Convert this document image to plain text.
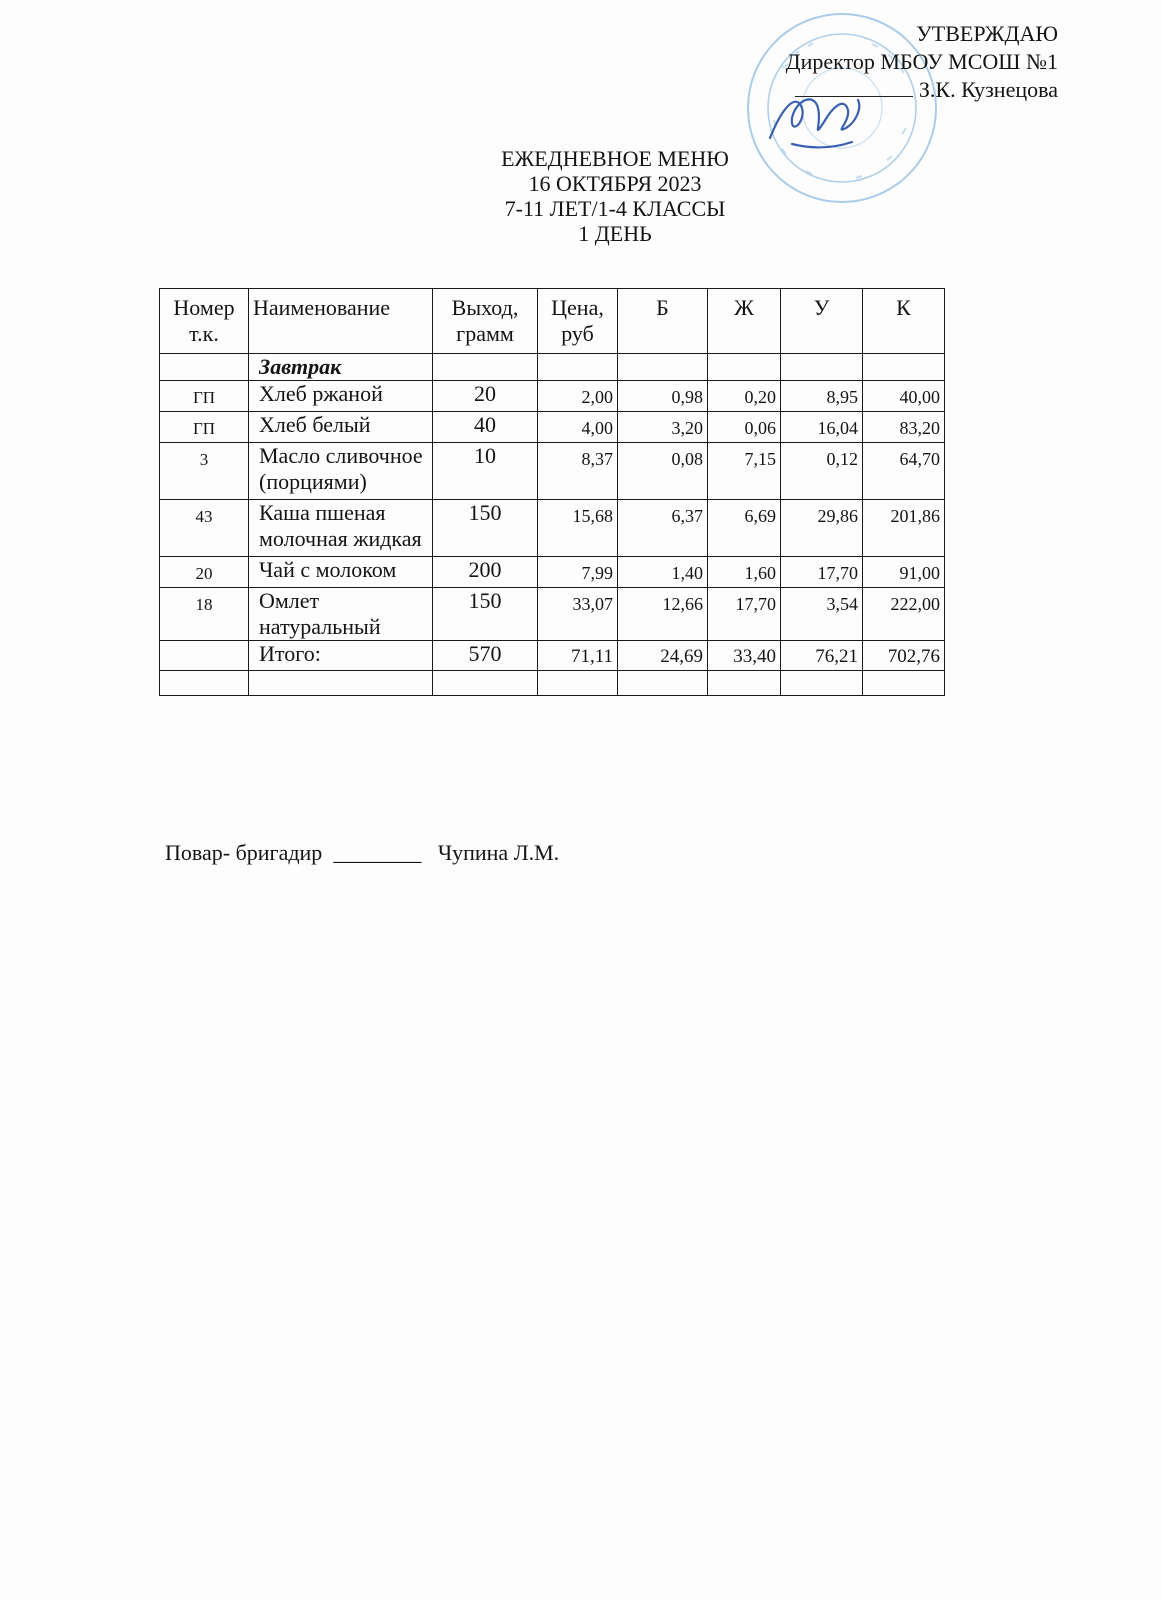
УТВЕРЖДАЮ
Директор МБОУ МСОШ №1
З.К. Кузнецова
ЕЖЕДНЕВНОЕ МЕНЮ
16 ОКТЯБРЯ 2023
7-11 ЛЕТ/1-4 КЛАССЫ
1 ДЕНЬ
Номер т.к.	Наименование	Выход, грамм	Цена, руб	Б	Ж	У	К
	Завтрак						
ГП	Хлеб ржаной	20	2,00	0,98	0,20	8,95	40,00
ГП	Хлеб белый	40	4,00	3,20	0,06	16,04	83,20
3	Масло сливочное (порциями)	10	8,37	0,08	7,15	0,12	64,70
43	Каша пшеная молочная жидкая	150	15,68	6,37	6,69	29,86	201,86
20	Чай с молоком	200	7,99	1,40	1,60	17,70	91,00
18	Омлет натуральный	150	33,07	12,66	17,70	3,54	222,00
	Итого:	570	71,11	24,69	33,40	76,21	702,76

Повар- бригадир ________ Чупина Л.М.
